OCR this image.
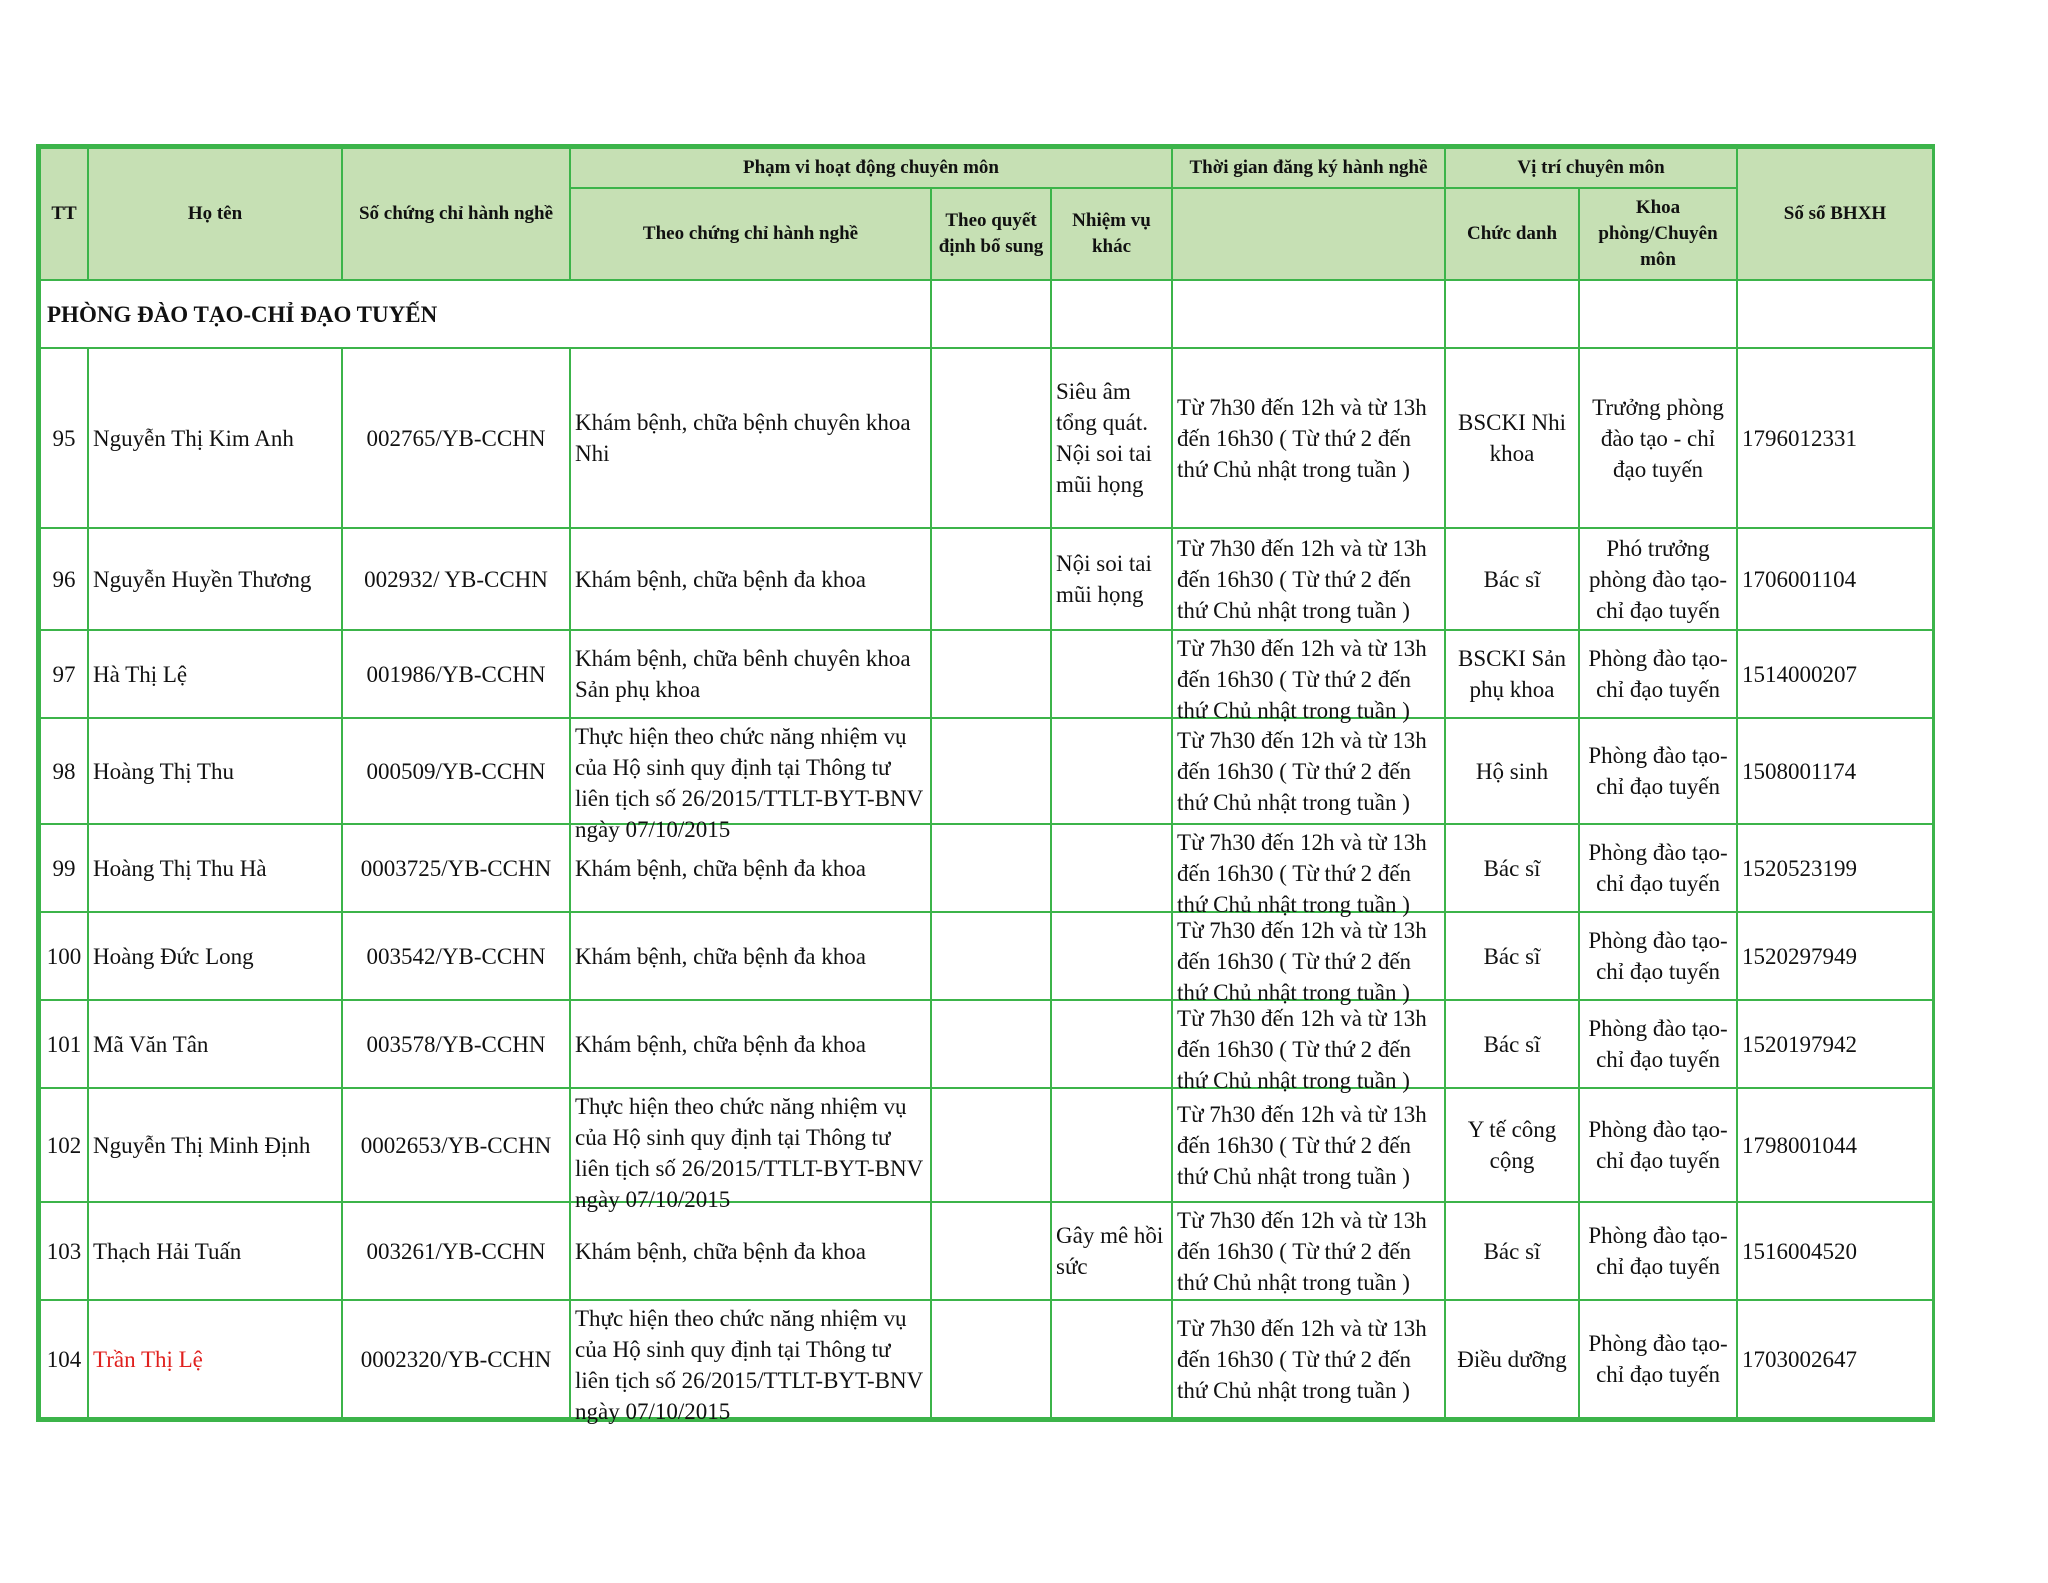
TT	Họ tên	Số chứng chỉ hành nghề	Phạm vi hoạt động chuyên môn			Thời gian đăng ký hành nghề	Vị trí chuyên môn		Số sổ BHXH
			Theo chứng chỉ hành nghề	Theo quyết định bổ sung	Nhiệm vụ khác		Chức danh	Khoa phòng/Chuyên môn	
PHÒNG ĐÀO TẠO-CHỈ ĐẠO TUYẾN									

95	Nguyễn Thị Kim Anh	002765/YB-CCHN	Khám bệnh, chữa bệnh chuyên khoa Nhi		Siêu âm tổng quát. Nội soi tai mũi họng	Từ 7h30 đến 12h và từ 13h đến 16h30 ( Từ thứ 2 đến thứ Chủ nhật trong tuần )	BSCKI Nhi khoa	Trưởng phòng đào tạo - chỉ đạo tuyến	1796012331

96	Nguyễn Huyền Thương	002932/ YB-CCHN	Khám bệnh, chữa bệnh đa khoa		Nội soi tai mũi họng	Từ 7h30 đến 12h và từ 13h đến 16h30 ( Từ thứ 2 đến thứ Chủ nhật trong tuần )	Bác sĩ	Phó trưởng phòng đào tạo-chỉ đạo tuyến	1706001104

97	Hà Thị Lệ	001986/YB-CCHN	Khám bệnh, chữa bênh chuyên khoa Sản phụ khoa			Từ 7h30 đến 12h và từ 13h đến 16h30 ( Từ thứ 2 đến thứ Chủ nhật trong tuần )	BSCKI Sản phụ khoa	Phòng đào tạo- chỉ đạo tuyến	1514000207

98	Hoàng Thị Thu	000509/YB-CCHN	Thực hiện theo chức năng nhiệm vụ của Hộ sinh quy định tại Thông tư liên tịch số 26/2015/TTLT-BYT-BNV ngày 07/10/2015			Từ 7h30 đến 12h và từ 13h đến 16h30 ( Từ thứ 2 đến thứ Chủ nhật trong tuần )	Hộ sinh	Phòng đào tạo- chỉ đạo tuyến	1508001174

99	Hoàng Thị Thu Hà	0003725/YB-CCHN	Khám bệnh, chữa bệnh đa khoa			Từ 7h30 đến 12h và từ 13h đến 16h30 ( Từ thứ 2 đến thứ Chủ nhật trong tuần )	Bác sĩ	Phòng đào tạo- chỉ đạo tuyến	1520523199

100	Hoàng Đức Long	003542/YB-CCHN	Khám bệnh, chữa bệnh đa khoa			Từ 7h30 đến 12h và từ 13h đến 16h30 ( Từ thứ 2 đến thứ Chủ nhật trong tuần )	Bác sĩ	Phòng đào tạo- chỉ đạo tuyến	1520297949

101	Mã Văn Tân	003578/YB-CCHN	Khám bệnh, chữa bệnh đa khoa			Từ 7h30 đến 12h và từ 13h đến 16h30 ( Từ thứ 2 đến thứ Chủ nhật trong tuần )	Bác sĩ	Phòng đào tạo- chỉ đạo tuyến	1520197942

102	Nguyễn Thị Minh Định	0002653/YB-CCHN	Thực hiện theo chức năng nhiệm vụ của Hộ sinh quy định tại Thông tư liên tịch số 26/2015/TTLT-BYT-BNV ngày 07/10/2015			Từ 7h30 đến 12h và từ 13h đến 16h30 ( Từ thứ 2 đến thứ Chủ nhật trong tuần )	Y tế công cộng	Phòng đào tạo- chỉ đạo tuyến	1798001044

103	Thạch Hải Tuấn	003261/YB-CCHN	Khám bệnh, chữa bệnh đa khoa		Gây mê hồi sức	Từ 7h30 đến 12h và từ 13h đến 16h30 ( Từ thứ 2 đến thứ Chủ nhật trong tuần )	Bác sĩ	Phòng đào tạo- chỉ đạo tuyến	1516004520

104	Trần Thị Lệ	0002320/YB-CCHN	Thực hiện theo chức năng nhiệm vụ của Hộ sinh quy định tại Thông tư liên tịch số 26/2015/TTLT-BYT-BNV ngày 07/10/2015			Từ 7h30 đến 12h và từ 13h đến 16h30 ( Từ thứ 2 đến thứ Chủ nhật trong tuần )	Điều dưỡng	Phòng đào tạo- chỉ đạo tuyến	1703002647
